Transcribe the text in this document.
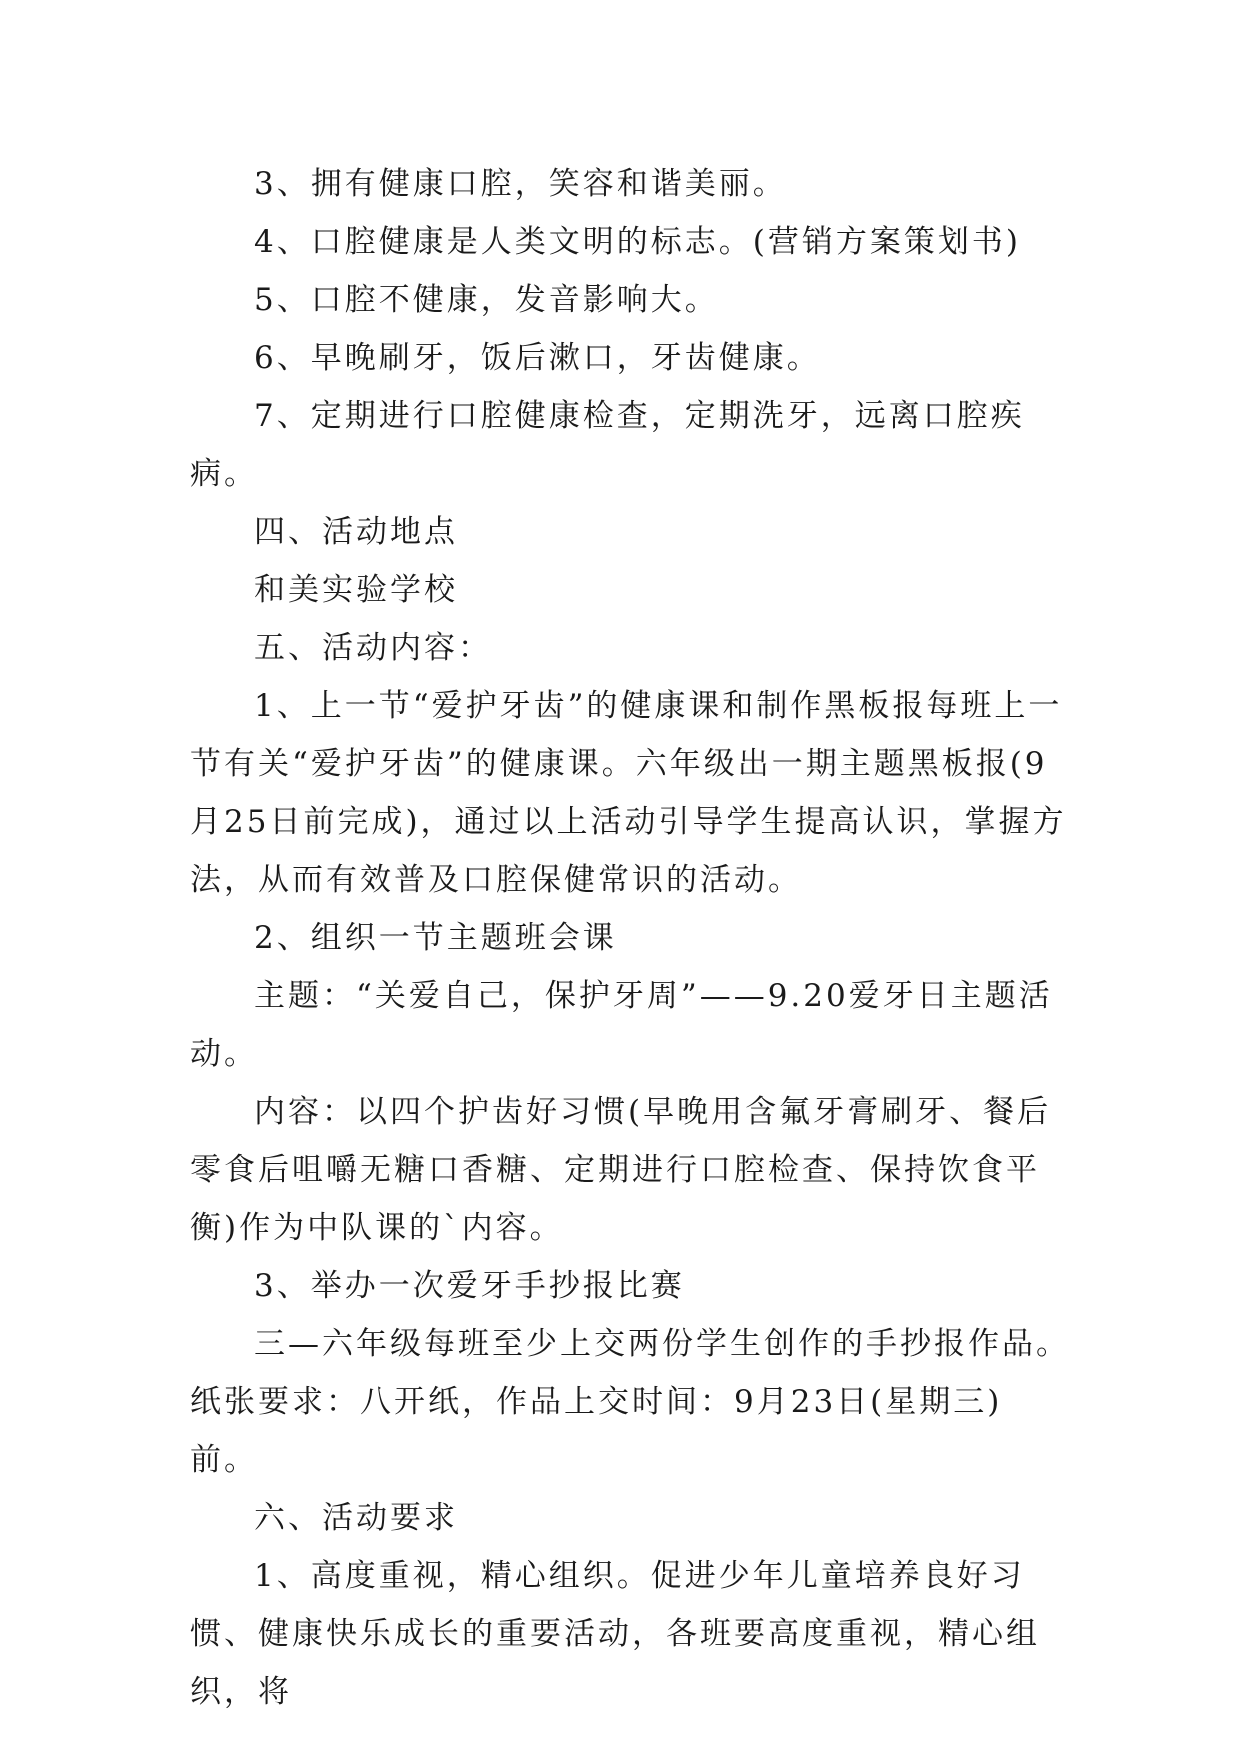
3、拥有健康口腔，笑容和谐美丽。

4、口腔健康是人类文明的标志。(营销方案策划书)

5、口腔不健康，发音影响大。

6、早晚刷牙，饭后漱口，牙齿健康。

7、定期进行口腔健康检查，定期洗牙，远离口腔疾病。

四、活动地点

和美实验学校

五、活动内容：

1、上一节“爱护牙齿”的健康课和制作黑板报每班上一节有关“爱护牙齿”的健康课。六年级出一期主题黑板报(9月25日前完成)，通过以上活动引导学生提高认识，掌握方法，从而有效普及口腔保健常识的活动。

2、组织一节主题班会课

主题：“关爱自己，保护牙周”——9.20爱牙日主题活动。

内容：以四个护齿好习惯(早晚用含氟牙膏刷牙、餐后零食后咀嚼无糖口香糖、定期进行口腔检查、保持饮食平衡)作为中队课的`内容。

3、举办一次爱牙手抄报比赛

三—六年级每班至少上交两份学生创作的手抄报作品。纸张要求：八开纸，作品上交时间：9月23日(星期三)前。

六、活动要求

1、高度重视，精心组织。促进少年儿童培养良好习惯、健康快乐成长的重要活动，各班要高度重视，精心组织，将
